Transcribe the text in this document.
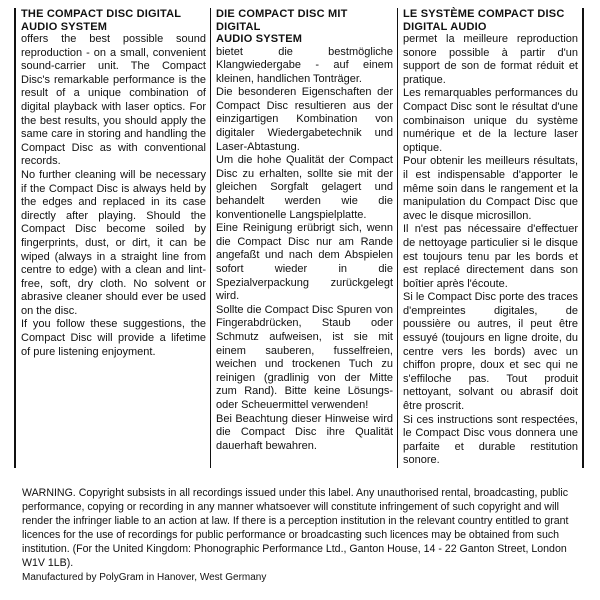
THE COMPACT DISC DIGITAL
AUDIO SYSTEM

offers the best possible sound reproduction - on a small, convenient sound-carrier unit. The Compact Disc's remarkable performance is the result of a unique combination of digital playback with laser optics. For the best results, you should apply the same care in storing and handling the Compact Disc as with conventional records.

No further cleaning will be necessary if the Compact Disc is always held by the edges and replaced in its case directly after playing. Should the Compact Disc become soiled by fingerprints, dust, or dirt, it can be wiped (always in a straight line from centre to edge) with a clean and lint-free, soft, dry cloth. No solvent or abrasive cleaner should ever be used on the disc.

If you follow these suggestions, the Compact Disc will provide a lifetime of pure listening enjoyment.

DIE COMPACT DISC MIT DIGITAL
AUDIO SYSTEM

bietet die bestmögliche Klangwiedergabe - auf einem kleinen, handlichen Tonträger.

Die besonderen Eigenschaften der Compact Disc resultieren aus der einzigartigen Kombination von digitaler Wiedergabetechnik und Laser-Abtastung.

Um die hohe Qualität der Compact Disc zu erhalten, sollte sie mit der gleichen Sorgfalt gelagert und behandelt werden wie die konventionelle Langspielplatte.

Eine Reinigung erübrigt sich, wenn die Compact Disc nur am Rande angefaßt und nach dem Abspielen sofort wieder in die Spezialverpackung zurückgelegt wird.

Sollte die Compact Disc Spuren von Fingerabdrücken, Staub oder Schmutz aufweisen, ist sie mit einem sauberen, fusselfreien, weichen und trockenen Tuch zu reinigen (gradlinig von der Mitte zum Rand). Bitte keine Lösungs- oder Scheuermittel verwenden!

Bei Beachtung dieser Hinweise wird die Compact Disc ihre Qualität dauerhaft bewahren.

LE SYSTÈME COMPACT DISC
DIGITAL AUDIO

permet la meilleure reproduction sonore possible à partir d'un support de son de format réduit et pratique.

Les remarquables performances du Compact Disc sont le résultat d'une combinaison unique du système numérique et de la lecture laser optique.

Pour obtenir les meilleurs résultats, il est indispensable d'apporter le même soin dans le rangement et la manipulation du Compact Disc que avec le disque microsillon.

Il n'est pas nécessaire d'effectuer de nettoyage particulier si le disque est toujours tenu par les bords et est replacé directement dans son boîtier après l'écoute.

Si le Compact Disc porte des traces d'empreintes digitales, de poussière ou autres, il peut être essuyé (toujours en ligne droite, du centre vers les bords) avec un chiffon propre, doux et sec qui ne s'effiloche pas. Tout produit nettoyant, solvant ou abrasif doit être proscrit.

Si ces instructions sont respectées, le Compact Disc vous donnera une parfaite et durable restitution sonore.

WARNING. Copyright subsists in all recordings issued under this label. Any unauthorised rental, broadcasting, public performance, copying or recording in any manner whatsoever will constitute infringement of such copyright and will render the infringer liable to an action at law. If there is a perception institution in the relevant country entitled to grant licences for the use of recordings for public performance or broadcasting such licences may be obtained from such institution. (For the United Kingdom: Phonographic Performance Ltd., Ganton House, 14 - 22 Ganton Street, London W1V 1LB).
Manufactured by PolyGram in Hanover, West Germany
